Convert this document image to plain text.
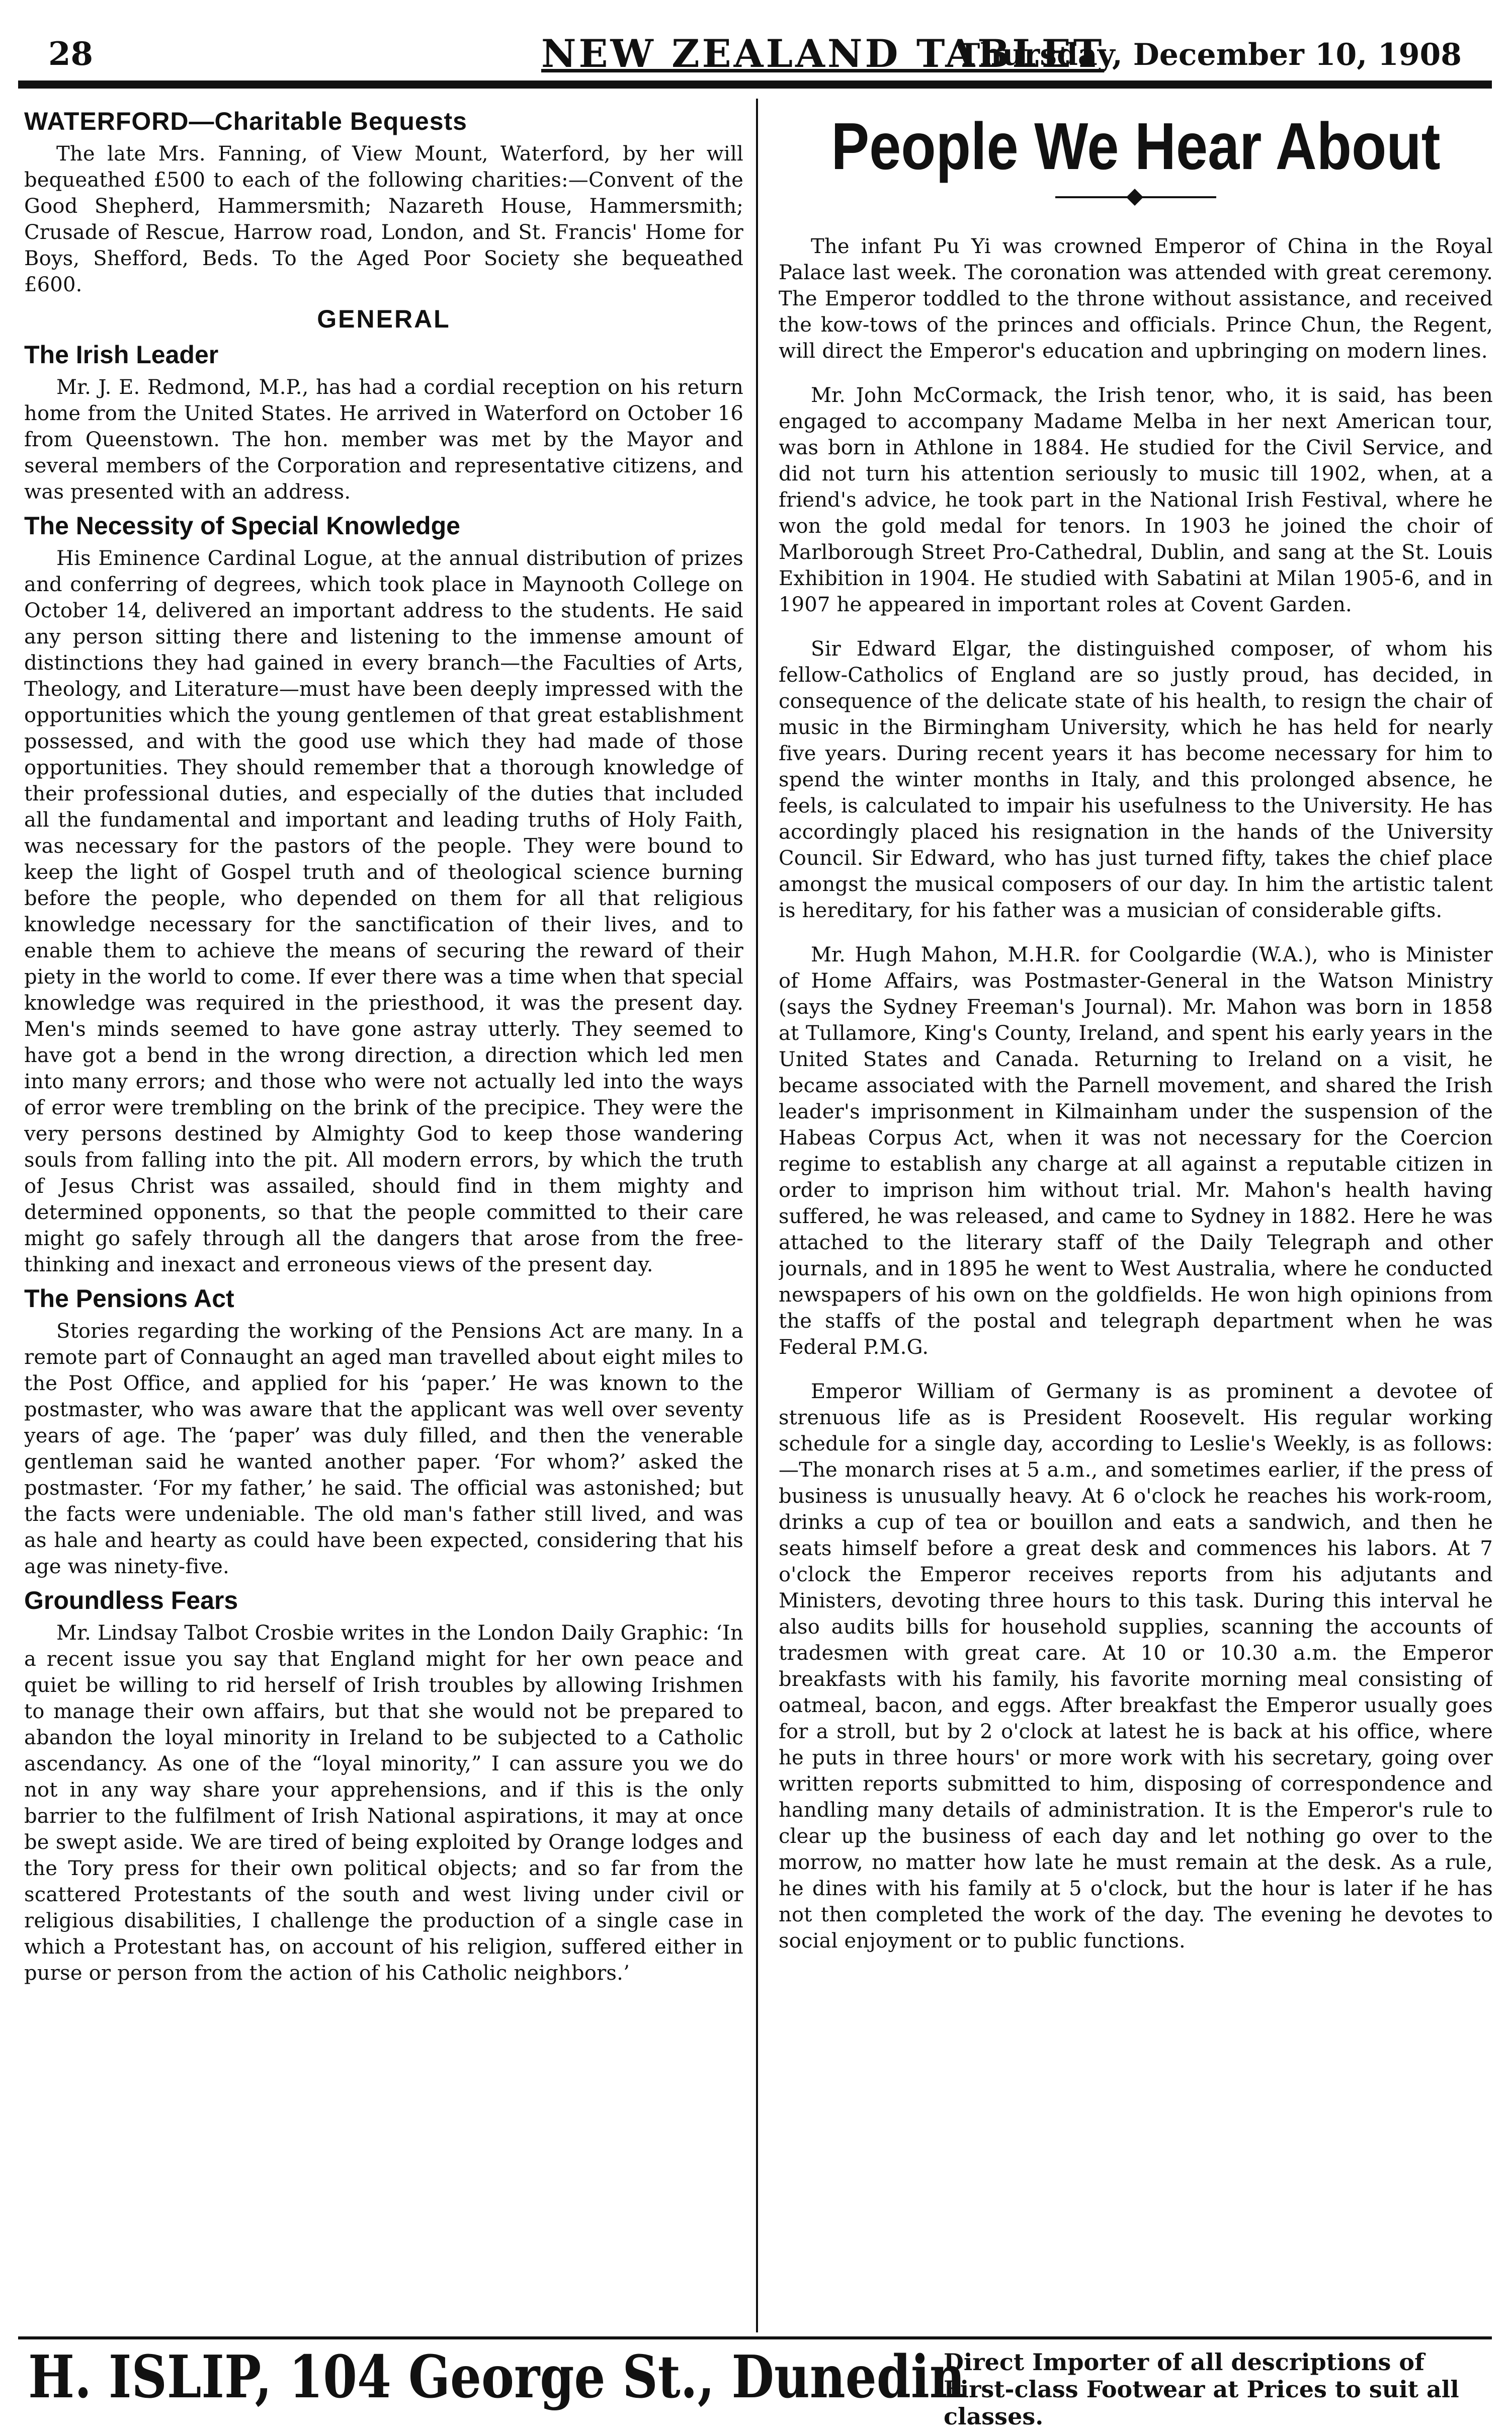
28	NEW ZEALAND TABLET
Thursday, December 10, 1908
WATERFORD—Charitable Bequests

The late Mrs. Fanning, of View Mount, Waterford, by her will bequeathed £500 to each of the following charities:—Convent of the Good Shepherd, Hammersmith; Nazareth House, Hammersmith; Crusade of Rescue, Harrow road, London, and St. Francis' Home for Boys, Shefford, Beds. To the Aged Poor Society she bequeathed £600.

GENERAL
The Irish Leader

Mr. J. E. Redmond, M.P., has had a cordial reception on his return home from the United States. He arrived in Waterford on October 16 from Queenstown. The hon. member was met by the Mayor and several members of the Corporation and representative citizens, and was presented with an address.

The Necessity of Special Knowledge

His Eminence Cardinal Logue, at the annual distribution of prizes and conferring of degrees, which took place in Maynooth College on October 14, delivered an important address to the students. He said any person sitting there and listening to the immense amount of distinctions they had gained in every branch—the Faculties of Arts, Theology, and Literature—must have been deeply impressed with the opportunities which the young gentlemen of that great establishment possessed, and with the good use which they had made of those opportunities. They should remember that a thorough knowledge of their professional duties, and especially of the duties that included all the fundamental and important and leading truths of Holy Faith, was necessary for the pastors of the people. They were bound to keep the light of Gospel truth and of theological science burning before the people, who depended on them for all that religious knowledge necessary for the sanctification of their lives, and to enable them to achieve the means of securing the reward of their piety in the world to come. If ever there was a time when that special knowledge was required in the priesthood, it was the present day. Men's minds seemed to have gone astray utterly. They seemed to have got a bend in the wrong direction, a direction which led men into many errors; and those who were not actually led into the ways of error were trembling on the brink of the precipice. They were the very persons destined by Almighty God to keep those wandering souls from falling into the pit. All modern errors, by which the truth of Jesus Christ was assailed, should find in them mighty and determined opponents, so that the people committed to their care might go safely through all the dangers that arose from the free-thinking and inexact and erroneous views of the present day.

The Pensions Act

Stories regarding the working of the Pensions Act are many. In a remote part of Connaught an aged man travelled about eight miles to the Post Office, and applied for his ‘paper.’ He was known to the postmaster, who was aware that the applicant was well over seventy years of age. The ‘paper’ was duly filled, and then the venerable gentleman said he wanted another paper. ‘For whom?’ asked the postmaster. ‘For my father,’ he said. The official was astonished; but the facts were undeniable. The old man's father still lived, and was as hale and hearty as could have been expected, considering that his age was ninety-five.

Groundless Fears

Mr. Lindsay Talbot Crosbie writes in the London Daily Graphic: ‘In a recent issue you say that England might for her own peace and quiet be willing to rid herself of Irish troubles by allowing Irishmen to manage their own affairs, but that she would not be prepared to abandon the loyal minority in Ireland to be subjected to a Catholic ascendancy. As one of the “loyal minority,” I can assure you we do not in any way share your apprehensions, and if this is the only barrier to the fulfilment of Irish National aspirations, it may at once be swept aside. We are tired of being exploited by Orange lodges and the Tory press for their own political objects; and so far from the scattered Protestants of the south and west living under civil or religious disabilities, I challenge the production of a single case in which a Protestant has, on account of his religion, suffered either in purse or person from the action of his Catholic neighbors.’

People We Hear About

The infant Pu Yi was crowned Emperor of China in the Royal Palace last week. The coronation was attended with great ceremony. The Emperor toddled to the throne without assistance, and received the kow-tows of the princes and officials. Prince Chun, the Regent, will direct the Emperor's education and upbringing on modern lines.

Mr. John McCormack, the Irish tenor, who, it is said, has been engaged to accompany Madame Melba in her next American tour, was born in Athlone in 1884. He studied for the Civil Service, and did not turn his attention seriously to music till 1902, when, at a friend's advice, he took part in the National Irish Festival, where he won the gold medal for tenors. In 1903 he joined the choir of Marlborough Street Pro-Cathedral, Dublin, and sang at the St. Louis Exhibition in 1904. He studied with Sabatini at Milan 1905-6, and in 1907 he appeared in important roles at Covent Garden.

Sir Edward Elgar, the distinguished composer, of whom his fellow-Catholics of England are so justly proud, has decided, in consequence of the delicate state of his health, to resign the chair of music in the Birmingham University, which he has held for nearly five years. During recent years it has become necessary for him to spend the winter months in Italy, and this prolonged absence, he feels, is calculated to impair his usefulness to the University. He has accordingly placed his resignation in the hands of the University Council. Sir Edward, who has just turned fifty, takes the chief place amongst the musical composers of our day. In him the artistic talent is hereditary, for his father was a musician of considerable gifts.

Mr. Hugh Mahon, M.H.R. for Coolgardie (W.A.), who is Minister of Home Affairs, was Postmaster-General in the Watson Ministry (says the Sydney Freeman's Journal). Mr. Mahon was born in 1858 at Tullamore, King's County, Ireland, and spent his early years in the United States and Canada. Returning to Ireland on a visit, he became associated with the Parnell movement, and shared the Irish leader's imprisonment in Kilmainham under the suspension of the Habeas Corpus Act, when it was not necessary for the Coercion regime to establish any charge at all against a reputable citizen in order to imprison him without trial. Mr. Mahon's health having suffered, he was released, and came to Sydney in 1882. Here he was attached to the literary staff of the Daily Telegraph and other journals, and in 1895 he went to West Australia, where he conducted newspapers of his own on the goldfields. He won high opinions from the staffs of the postal and telegraph department when he was Federal P.M.G.

Emperor William of Germany is as prominent a devotee of strenuous life as is President Roosevelt. His regular working schedule for a single day, according to Leslie's Weekly, is as follows:—The monarch rises at 5 a.m., and sometimes earlier, if the press of business is unusually heavy. At 6 o'clock he reaches his work-room, drinks a cup of tea or bouillon and eats a sandwich, and then he seats himself before a great desk and commences his labors. At 7 o'clock the Emperor receives reports from his adjutants and Ministers, devoting three hours to this task. During this interval he also audits bills for household supplies, scanning the accounts of tradesmen with great care. At 10 or 10.30 a.m. the Emperor breakfasts with his family, his favorite morning meal consisting of oatmeal, bacon, and eggs. After breakfast the Emperor usually goes for a stroll, but by 2 o'clock at latest he is back at his office, where he puts in three hours' or more work with his secretary, going over written reports submitted to him, disposing of correspondence and handling many details of administration. It is the Emperor's rule to clear up the business of each day and let nothing go over to the morrow, no matter how late he must remain at the desk. As a rule, he dines with his family at 5 o'clock, but the hour is later if he has not then completed the work of the day. The evening he devotes to social enjoyment or to public functions.

H. ISLIP, 104 George St., Dunedin
Direct Importer of all descriptions of First-class Footwear at Prices to suit all classes.
